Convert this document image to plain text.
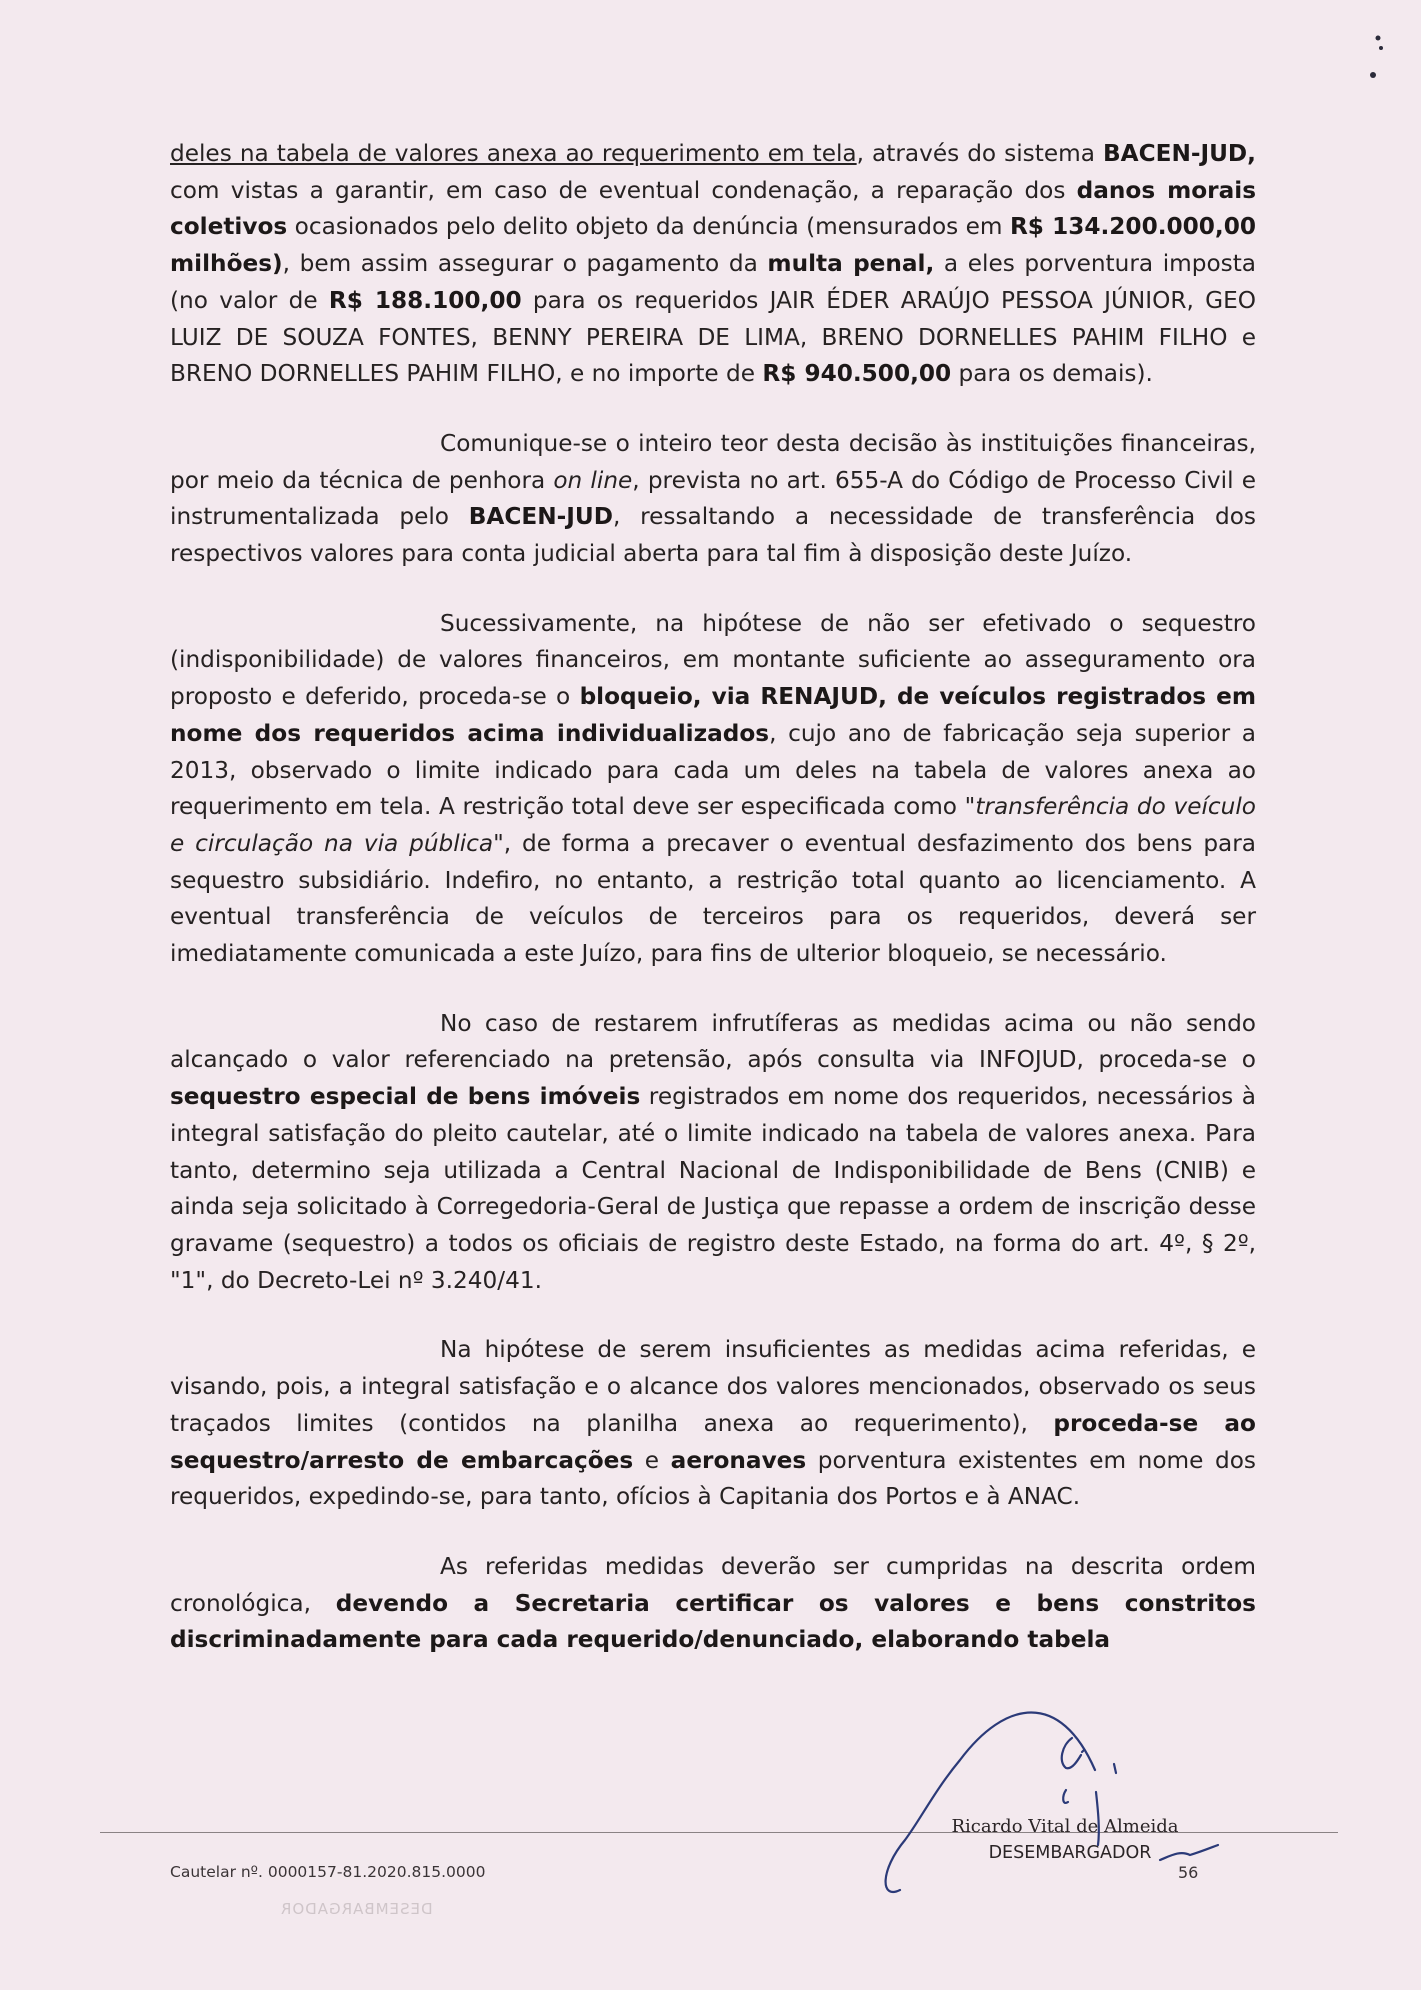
deles na tabela de valores anexa ao requerimento em tela, através do sistema BACEN-JUD, com vistas a garantir, em caso de eventual condenação, a reparação dos danos morais coletivos ocasionados pelo delito objeto da denúncia (mensurados em R$ 134.200.000,00 milhões), bem assim assegurar o pagamento da multa penal, a eles porventura imposta (no valor de R$ 188.100,00 para os requeridos JAIR ÉDER ARAÚJO PESSOA JÚNIOR, GEO LUIZ DE SOUZA FONTES, BENNY PEREIRA DE LIMA, BRENO DORNELLES PAHIM FILHO e BRENO DORNELLES PAHIM FILHO, e no importe de R$ 940.500,00 para os demais).

Comunique-se o inteiro teor desta decisão às instituições financeiras, por meio da técnica de penhora on line, prevista no art. 655-A do Código de Processo Civil e instrumentalizada pelo BACEN-JUD, ressaltando a necessidade de transferência dos respectivos valores para conta judicial aberta para tal fim à disposição deste Juízo.

Sucessivamente, na hipótese de não ser efetivado o sequestro (indisponibilidade) de valores financeiros, em montante suficiente ao asseguramento ora proposto e deferido, proceda-se o bloqueio, via RENAJUD, de veículos registrados em nome dos requeridos acima individualizados, cujo ano de fabricação seja superior a 2013, observado o limite indicado para cada um deles na tabela de valores anexa ao requerimento em tela. A restrição total deve ser especificada como "transferência do veículo e circulação na via pública", de forma a precaver o eventual desfazimento dos bens para sequestro subsidiário. Indefiro, no entanto, a restrição total quanto ao licenciamento. A eventual transferência de veículos de terceiros para os requeridos, deverá ser imediatamente comunicada a este Juízo, para fins de ulterior bloqueio, se necessário.

No caso de restarem infrutíferas as medidas acima ou não sendo alcançado o valor referenciado na pretensão, após consulta via INFOJUD, proceda-se o sequestro especial de bens imóveis registrados em nome dos requeridos, necessários à integral satisfação do pleito cautelar, até o limite indicado na tabela de valores anexa. Para tanto, determino seja utilizada a Central Nacional de Indisponibilidade de Bens (CNIB) e ainda seja solicitado à Corregedoria-Geral de Justiça que repasse a ordem de inscrição desse gravame (sequestro) a todos os oficiais de registro deste Estado, na forma do art. 4º, § 2º, "1", do Decreto-Lei nº 3.240/41.

Na hipótese de serem insuficientes as medidas acima referidas, e visando, pois, a integral satisfação e o alcance dos valores mencionados, observado os seus traçados limites (contidos na planilha anexa ao requerimento), proceda-se ao sequestro/arresto de embarcações e aeronaves porventura existentes em nome dos requeridos, expedindo-se, para tanto, ofícios à Capitania dos Portos e à ANAC.

As referidas medidas deverão ser cumpridas na descrita ordem cronológica, devendo a Secretaria certificar os valores e bens constritos discriminadamente para cada requerido/denunciado, elaborando tabela

Ricardo Vital de Almeida
DESEMBARGADOR
Cautelar nº. 0000157-81.2020.815.0000	56
DESEMBARGADOR
